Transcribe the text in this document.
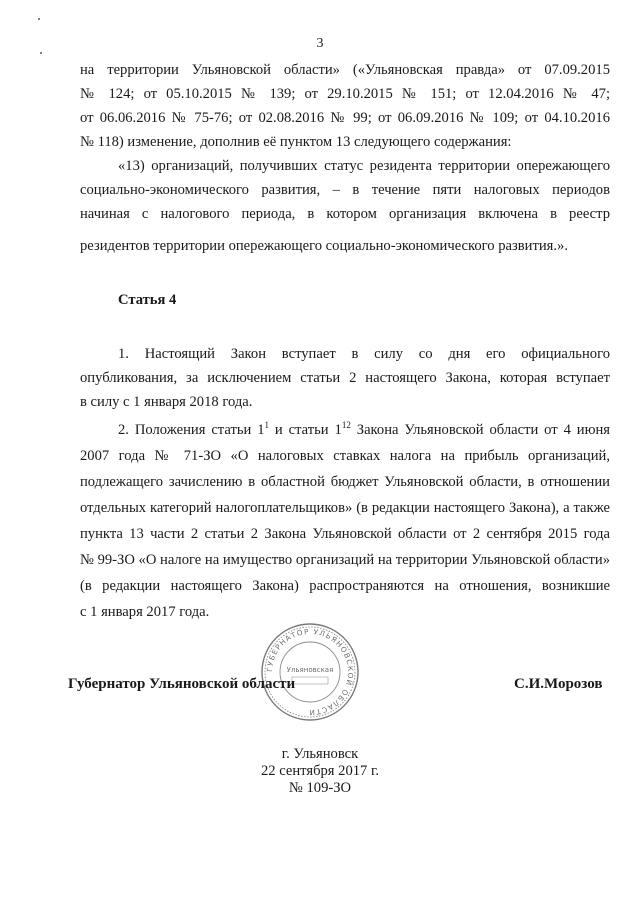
3
на территории Ульяновской области» («Ульяновская правда» от 07.09.2015
№ 124; от 05.10.2015 № 139; от 29.10.2015 № 151; от 12.04.2016 № 47;
от 06.06.2016 № 75-76; от 02.08.2016 № 99; от 06.09.2016 № 109; от 04.10.2016
№ 118) изменение, дополнив её пунктом 13 следующего содержания:
«13) организаций, получивших статус резидента территории опережающего
социально-экономического развития, – в течение пяти налоговых периодов
начиная с налогового периода, в котором организация включена в реестр
резидентов территории опережающего социально-экономического развития.».
Статья 4
1. Настоящий Закон вступает в силу со дня его официального
опубликования, за исключением статьи 2 настоящего Закона, которая вступает
в силу с 1 января 2018 года.
2. Положения статьи $1^1$ и статьи $1^{12}$ Закона Ульяновской области от 4 июня
2007 года № 71-ЗО «О налоговых ставках налога на прибыль организаций,
подлежащего зачислению в областной бюджет Ульяновской области, в отношении
отдельных категорий налогоплательщиков» (в редакции настоящего Закона), а также
пункта 13 части 2 статьи 2 Закона Ульяновской области от 2 сентября 2015 года
№ 99-ЗО «О налоге на имущество организаций на территории Ульяновской области»
(в редакции настоящего Закона) распространяются на отношения, возникшие
с 1 января 2017 года.
ГУБЕРНАТОР УЛЬЯНОВСКОЙ ОБЛАСТИ
Ульяновская
Губернатор Ульяновской области	С.И.Морозов
г. Ульяновск
22 сентября 2017 г.
№ 109-ЗО
